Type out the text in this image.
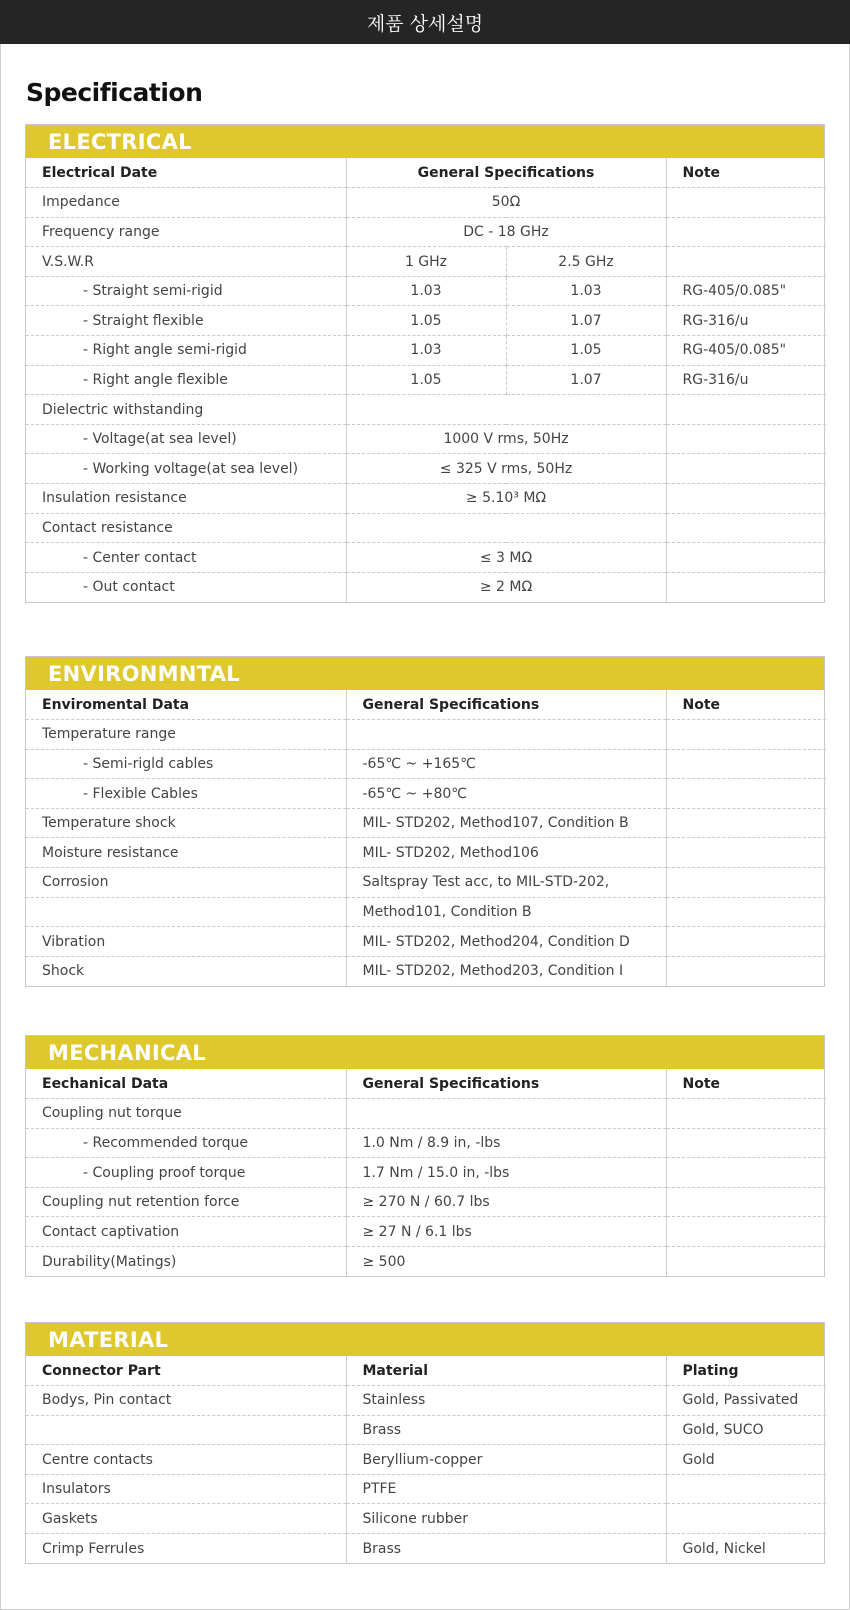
제품 상세설명
Specification
ELECTRICAL
Electrical Date	General Specifications		Note
Impedance	50Ω		
Frequency range	DC - 18 GHz		
V.S.W.R	1 GHz	2.5 GHz	
- Straight semi-rigid	1.03	1.03	RG-405/0.085"
- Straight flexible	1.05	1.07	RG-316/u
- Right angle semi-rigid	1.03	1.05	RG-405/0.085"
- Right angle flexible	1.05	1.07	RG-316/u
Dielectric withstanding			
- Voltage(at sea level)	1000 V rms, 50Hz		
- Working voltage(at sea level)	≤ 325 V rms, 50Hz		
Insulation resistance	≥ 5.10³ MΩ		
Contact resistance			
- Center contact	≤ 3 MΩ		
- Out contact	≥ 2 MΩ		
ENVIRONMNTAL
Enviromental Data	General Specifications	Note
Temperature range		
- Semi-rigld cables	-65℃ ~ +165℃	
- Flexible Cables	-65℃ ~ +80℃	
Temperature shock	MIL- STD202, Method107, Condition B	
Moisture resistance	MIL- STD202, Method106	
Corrosion	Saltspray Test acc, to MIL-STD-202,	
	Method101, Condition B	
Vibration	MIL- STD202, Method204, Condition D	
Shock	MIL- STD202, Method203, Condition I	
MECHANICAL
Eechanical Data	General Specifications	Note
Coupling nut torque		
- Recommended torque	1.0 Nm / 8.9 in, -lbs	
- Coupling proof torque	1.7 Nm / 15.0 in, -lbs	
Coupling nut retention force	≥ 270 N / 60.7 lbs	
Contact captivation	≥ 27 N / 6.1 lbs	
Durability(Matings)	≥ 500	
MATERIAL
Connector Part	Material	Plating
Bodys, Pin contact	Stainless	Gold, Passivated
	Brass	Gold, SUCO
Centre contacts	Beryllium-copper	Gold
Insulators	PTFE	
Gaskets	Silicone rubber	
Crimp Ferrules	Brass	Gold, Nickel
